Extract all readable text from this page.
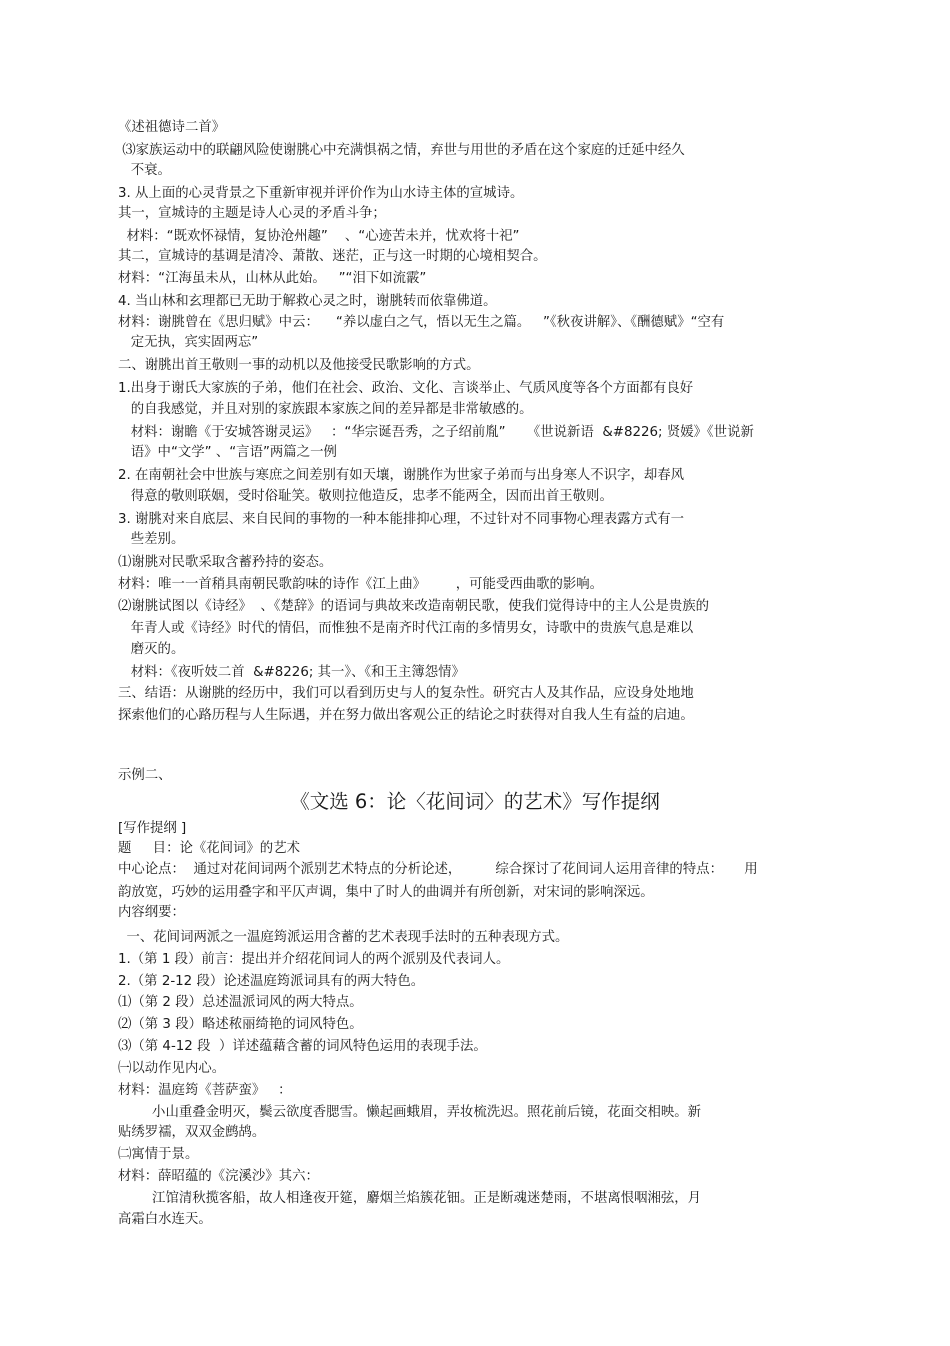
《述祖德诗二首》
⑶家族运动中的联翩风险使谢朓心中充满惧祸之情，弃世与用世的矛盾在这个家庭的迁延中经久
不衰。
3. 从上面的心灵背景之下重新审视并评价作为山水诗主体的宣城诗。
其一，宣城诗的主题是诗人心灵的矛盾斗争；
材料：“既欢怀禄情，复协沧州趣”    、“心迹苦未并，忧欢将十祀”
其二，宣城诗的基调是清冷、萧散、迷茫，正与这一时期的心境相契合。
材料：“江海虽未从，山林从此始。   ”“泪下如流霰”
4. 当山林和玄理都已无助于解救心灵之时，谢朓转而依靠佛道。
材料：谢朓曾在《思归赋》中云：    “养以虚白之气，悟以无生之篇。   ”《秋夜讲解》、《酬德赋》“空有
定无执，宾实固两忘”
二、谢朓出首王敬则一事的动机以及他接受民歌影响的方式。
1.出身于谢氏大家族的子弟，他们在社会、政治、文化、言谈举止、气质风度等各个方面都有良好
的自我感觉，并且对别的家族跟本家族之间的差异都是非常敏感的。
材料：谢瞻《于安城答谢灵运》   ：“华宗诞吾秀，之子绍前胤”     《世说新语  &#8226; 贤媛》《世说新
语》中“文学” 、“言语”两篇之一例
2. 在南朝社会中世族与寒庶之间差别有如天壤，谢朓作为世家子弟而与出身寒人不识字，却春风
得意的敬则联姻，受时俗耻笑。敬则拉他造反，忠孝不能两全，因而出首王敬则。
3. 谢朓对来自底层、来自民间的事物的一种本能排抑心理，不过针对不同事物心理表露方式有一
些差别。
⑴谢朓对民歌采取含蓄矜持的姿态。
材料：唯一一首稍具南朝民歌韵味的诗作《江上曲》       ，可能受西曲歌的影响。
⑵谢朓试图以《诗经》  、《楚辞》的语词与典故来改造南朝民歌，使我们觉得诗中的主人公是贵族的
年青人或《诗经》时代的情侣，而惟独不是南齐时代江南的多情男女，诗歌中的贵族气息是难以
磨灭的。
材料：《夜听妓二首  &#8226; 其一》、《和王主簿怨情》
三、结语：从谢朓的经历中，我们可以看到历史与人的复杂性。研究古人及其作品，应设身处地地
探索他们的心路历程与人生际遇，并在努力做出客观公正的结论之时获得对自我人生有益的启迪。
示例二、
《文选 6：论〈花间词〉的艺术》写作提纲
[写作提纲 ]
题     目：论《花间词》的艺术
中心论点：  通过对花间词两个派别艺术特点的分析论述，        综合探讨了花间词人运用音律的特点：     用
韵放宽，巧妙的运用叠字和平仄声调，集中了时人的曲调并有所创新，对宋词的影响深远。
内容纲要：
一、花间词两派之一温庭筠派运用含蓄的艺术表现手法时的五种表现方式。
1.（第 1 段）前言：提出并介绍花间词人的两个派别及代表词人。
2.（第 2-12 段）论述温庭筠派词具有的两大特色。
⑴（第 2 段）总述温派词风的两大特点。
⑵（第 3 段）略述秾丽绮艳的词风特色。
⑶（第 4-12 段  ）详述蕴藉含蓄的词风特色运用的表现手法。
㈠以动作见内心。
材料：温庭筠《菩萨蛮》   ：
小山重叠金明灭，鬓云欲度香腮雪。懒起画蛾眉，弄妆梳洗迟。照花前后镜，花面交相映。新
贴绣罗襦，双双金鹧鸪。
㈡寓情于景。
材料：薛昭蕴的《浣溪沙》其六：
江馆清秋揽客船，故人相逢夜开筵，麝烟兰焰簇花钿。正是断魂迷楚雨，不堪离恨咽湘弦，月
高霜白水连天。
